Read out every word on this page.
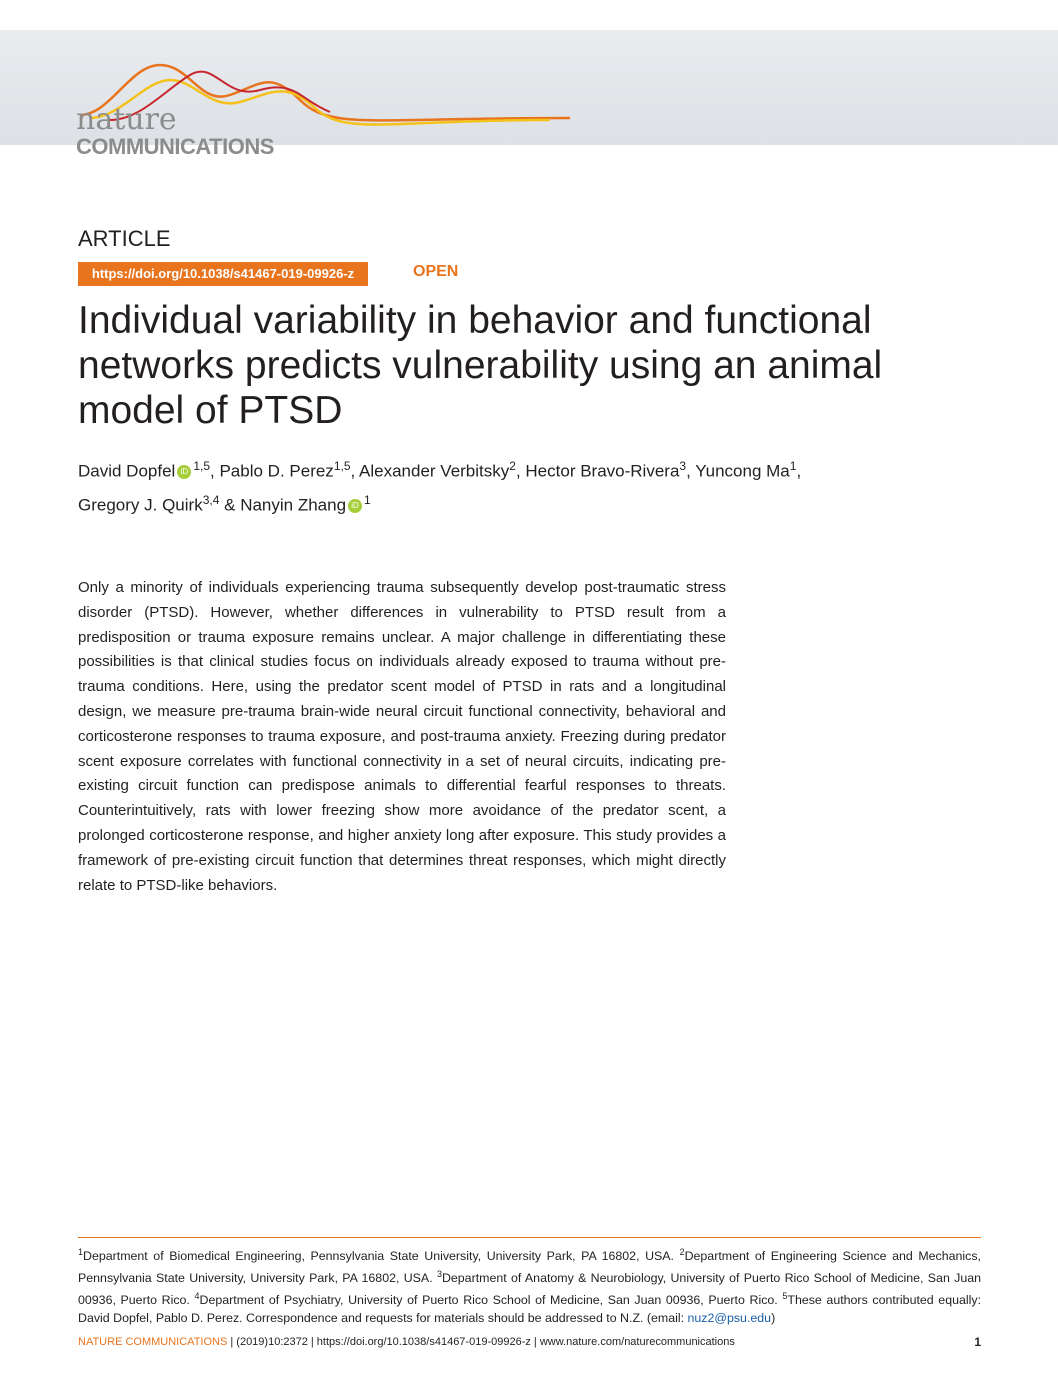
nature
COMMUNICATIONS
ARTICLE
https://doi.org/10.1038/s41467-019-09926-z	OPEN
Individual variability in behavior and functional networks predicts vulnerability using an animal model of PTSD
David Dopfel iD $^{1,5}$, Pablo D. Perez$^{1,5}$, Alexander Verbitsky$^2$, Hector Bravo-Rivera$^3$, Yuncong Ma$^1$,
Gregory J. Quirk$^{3,4}$ & Nanyin Zhang iD $^1$

Only a minority of individuals experiencing trauma subsequently develop post-traumatic stress disorder (PTSD). However, whether differences in vulnerability to PTSD result from a predisposition or trauma exposure remains unclear. A major challenge in differentiating these possibilities is that clinical studies focus on individuals already exposed to trauma without pre-trauma conditions. Here, using the predator scent model of PTSD in rats and a longitudinal design, we measure pre-trauma brain-wide neural circuit functional connectivity, behavioral and corticosterone responses to trauma exposure, and post-trauma anxiety. Freezing during predator scent exposure correlates with functional connectivity in a set of neural circuits, indicating pre-existing circuit function can predispose animals to differential fearful responses to threats. Counterintuitively, rats with lower freezing show more avoidance of the predator scent, a prolonged corticosterone response, and higher anxiety long after exposure. This study provides a framework of pre-existing circuit function that determines threat responses, which might directly relate to PTSD-like behaviors.

$^1$Department of Biomedical Engineering, Pennsylvania State University, University Park, PA 16802, USA. $^2$Department of Engineering Science and Mechanics, Pennsylvania State University, University Park, PA 16802, USA. $^3$Department of Anatomy & Neurobiology, University of Puerto Rico School of Medicine, San Juan 00936, Puerto Rico. $^4$Department of Psychiatry, University of Puerto Rico School of Medicine, San Juan 00936, Puerto Rico. $^5$These authors contributed equally: David Dopfel, Pablo D. Perez. Correspondence and requests for materials should be addressed to N.Z. (email: nuz2@psu.edu)

NATURE COMMUNICATIONS | (2019)10:2372 | https://doi.org/10.1038/s41467-019-09926-z | www.nature.com/naturecommunications	1
